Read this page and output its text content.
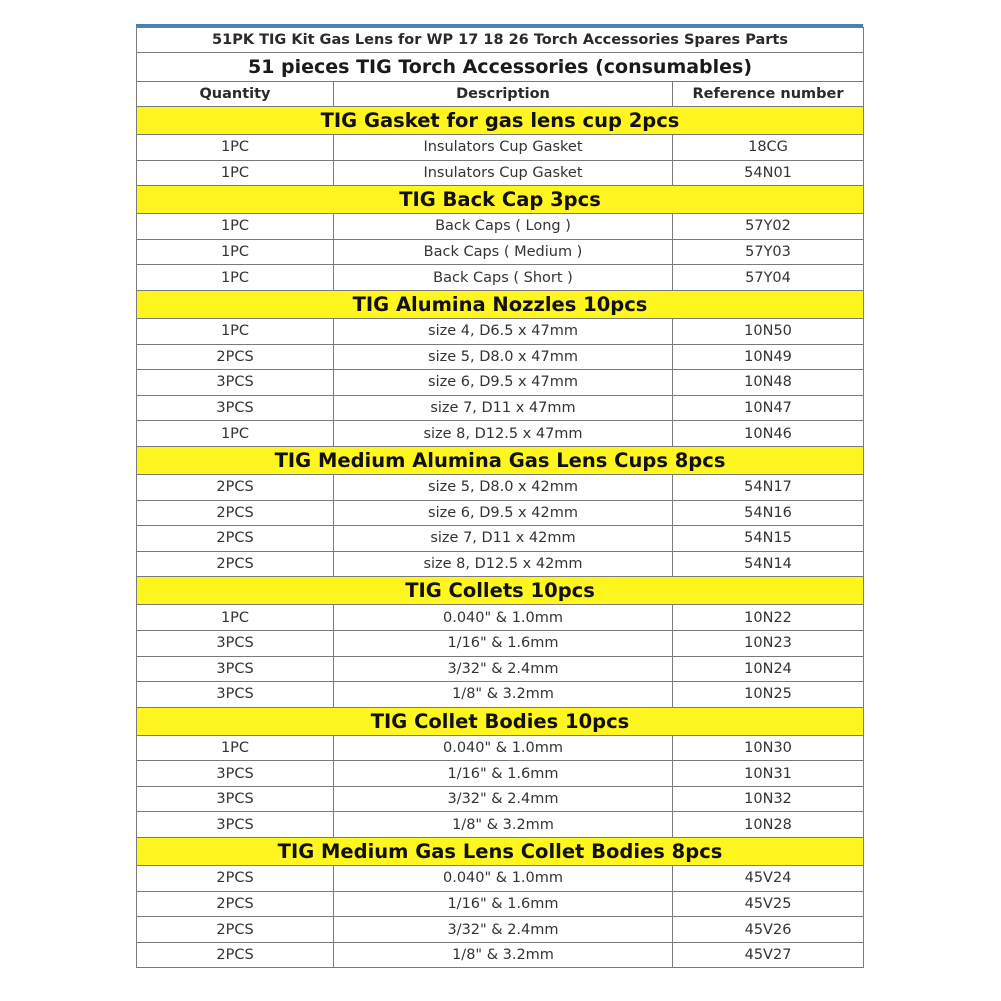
51PK TIG Kit Gas Lens for WP 17 18 26 Torch Accessories Spares Parts		
51 pieces TIG Torch Accessories (consumables)		
Quantity	Description	Reference number
TIG Gasket for gas lens cup 2pcs		
1PC	Insulators Cup Gasket	18CG
1PC	Insulators Cup Gasket	54N01
TIG Back Cap 3pcs		
1PC	Back Caps ( Long )	57Y02
1PC	Back Caps ( Medium )	57Y03
1PC	Back Caps ( Short )	57Y04
TIG Alumina Nozzles 10pcs		
1PC	size 4, D6.5 x 47mm	10N50
2PCS	size 5, D8.0 x 47mm	10N49
3PCS	size 6, D9.5 x 47mm	10N48
3PCS	size 7, D11 x 47mm	10N47
1PC	size 8, D12.5 x 47mm	10N46
TIG Medium Alumina Gas Lens Cups 8pcs		
2PCS	size 5, D8.0 x 42mm	54N17
2PCS	size 6, D9.5 x 42mm	54N16
2PCS	size 7, D11 x 42mm	54N15
2PCS	size 8, D12.5 x 42mm	54N14
TIG Collets 10pcs		
1PC	0.040" & 1.0mm	10N22
3PCS	1/16" & 1.6mm	10N23
3PCS	3/32" & 2.4mm	10N24
3PCS	1/8" & 3.2mm	10N25
TIG Collet Bodies 10pcs		
1PC	0.040" & 1.0mm	10N30
3PCS	1/16" & 1.6mm	10N31
3PCS	3/32" & 2.4mm	10N32
3PCS	1/8" & 3.2mm	10N28
TIG Medium Gas Lens Collet Bodies 8pcs		
2PCS	0.040" & 1.0mm	45V24
2PCS	1/16" & 1.6mm	45V25
2PCS	3/32" & 2.4mm	45V26
2PCS	1/8" & 3.2mm	45V27
